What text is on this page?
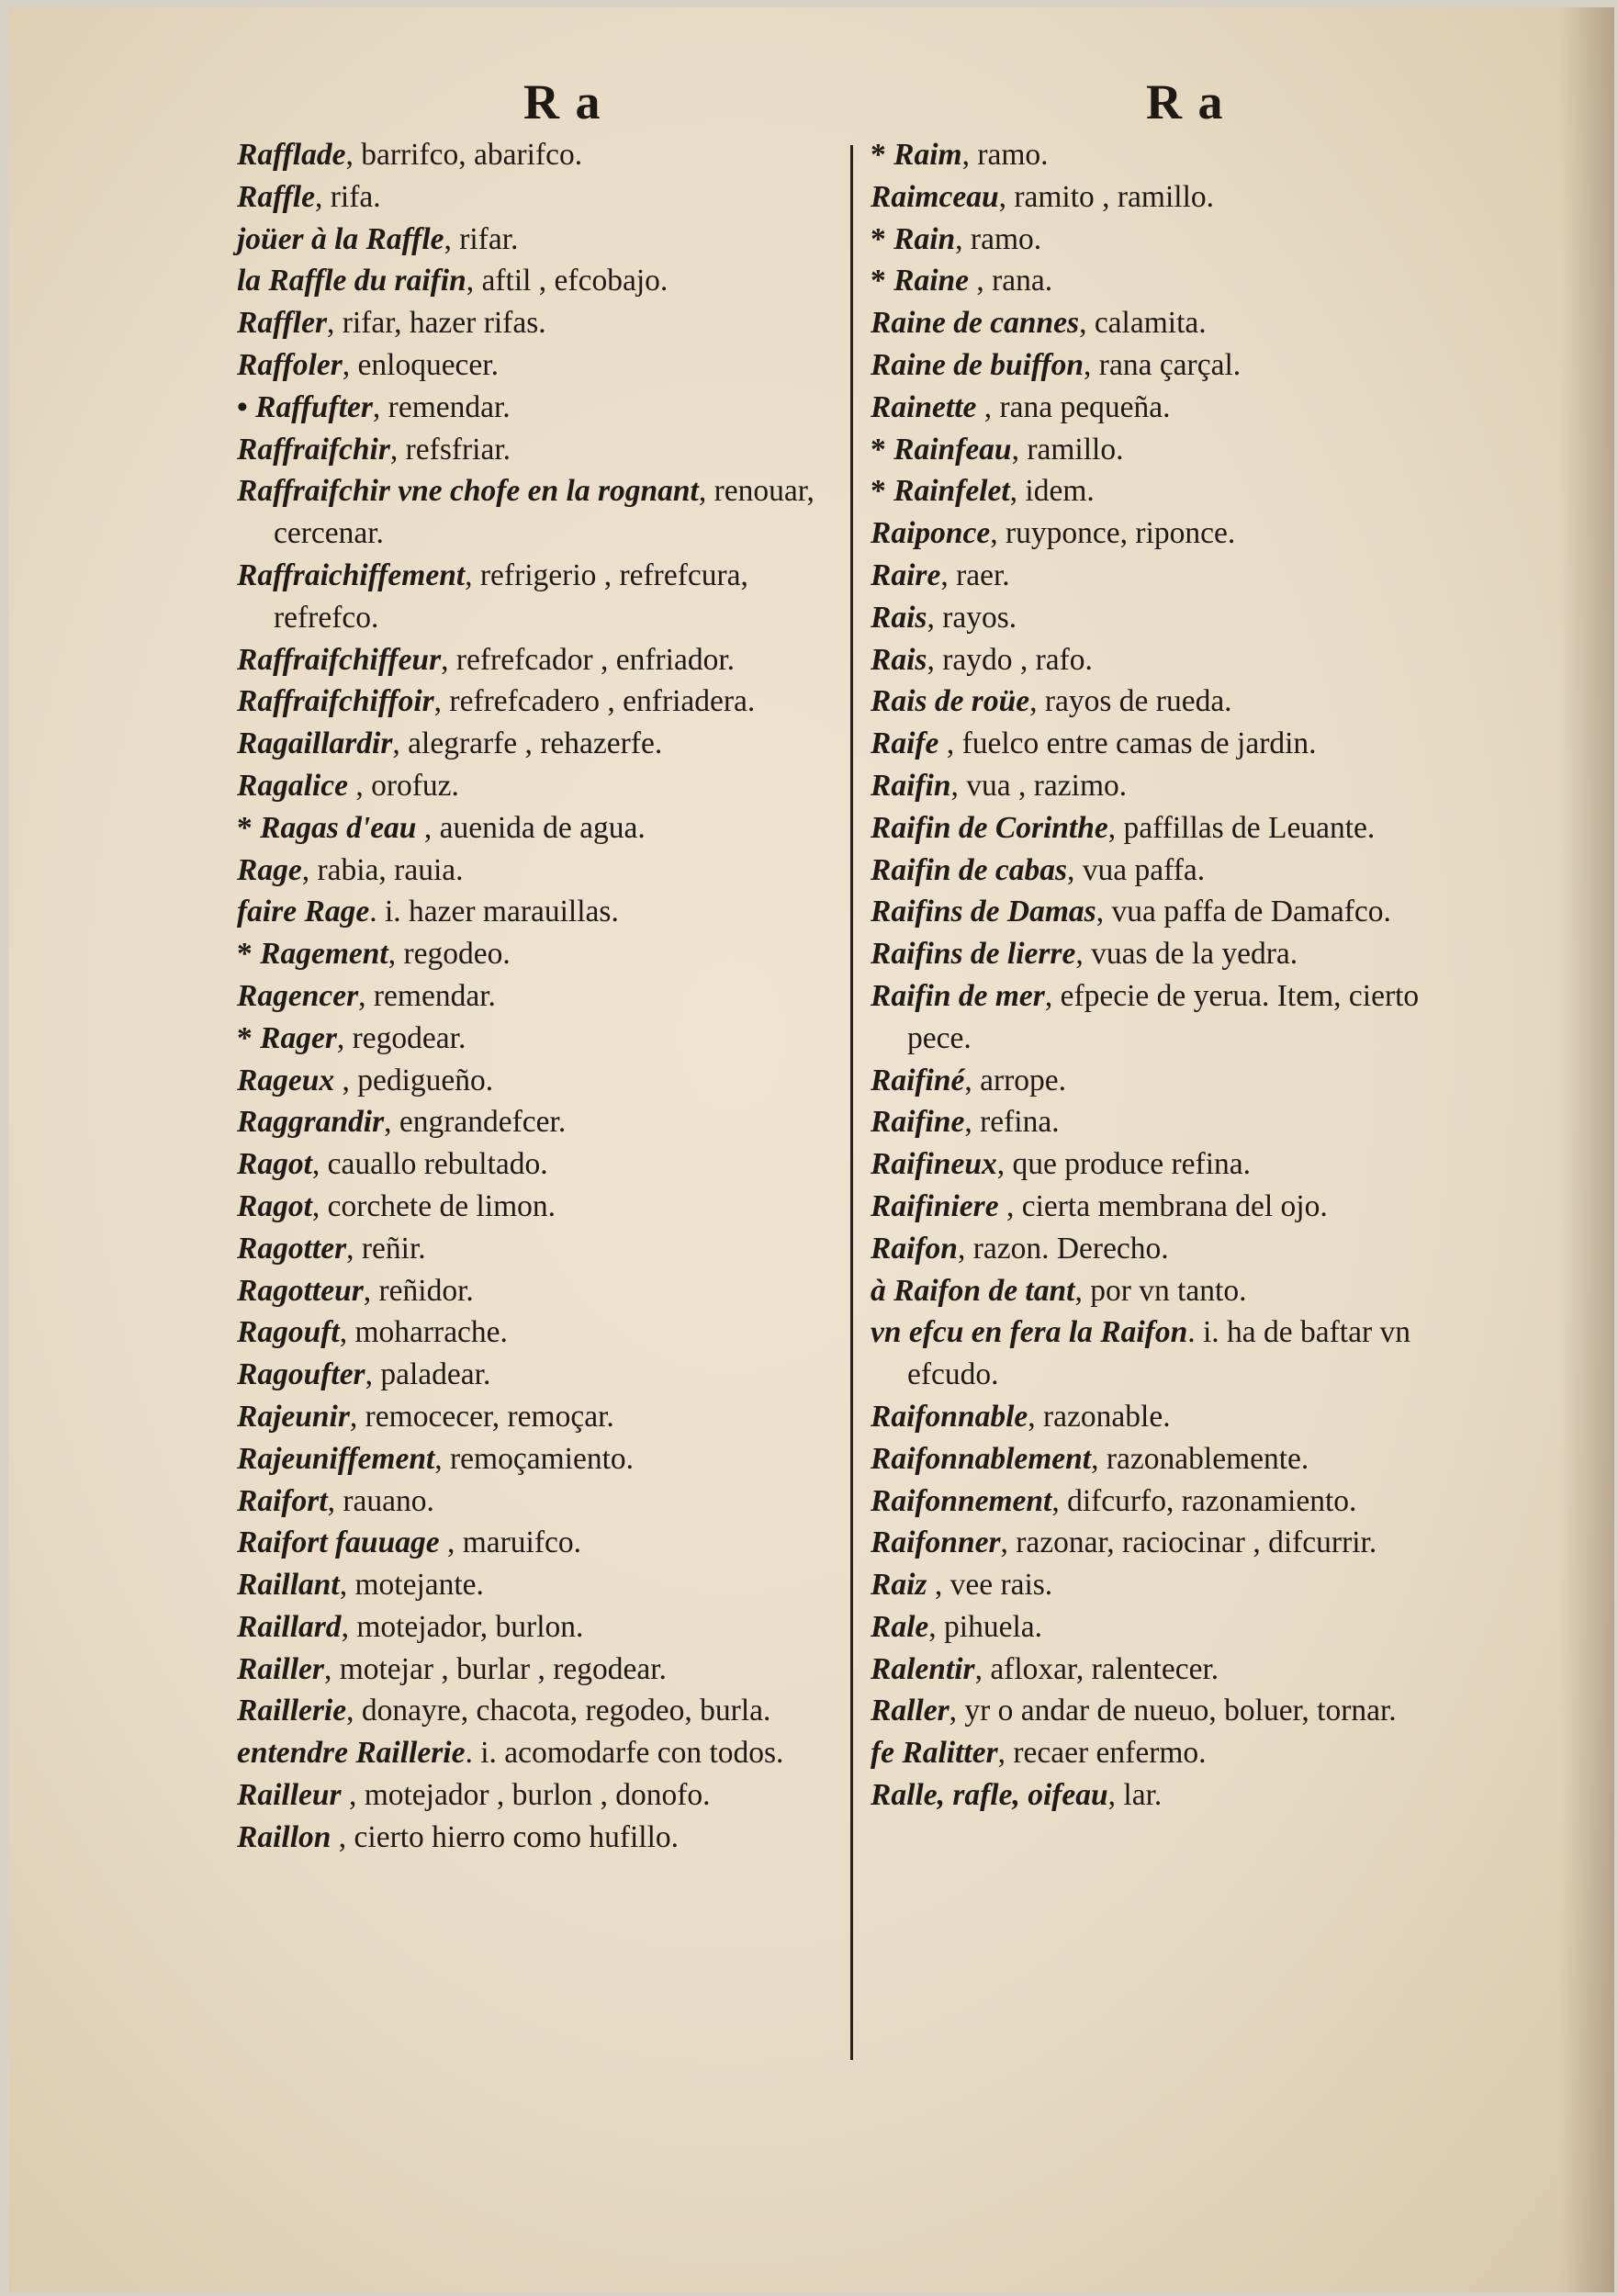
R a	R a
Rafflade, barrifco, abarifco.
Raffle, rifa.
joüer à la Raffle, rifar.
la Raffle du raifin, aftil , efcobajo.
Raffler, rifar, hazer rifas.
Raffoler, enloquecer.
• Raffufter, remendar.
Raffraifchir, refsfriar.
Raffraifchir vne chofe en la rognant, renouar, cercenar.
Raffraichiffement, refrigerio , refrefcura, refrefco.
Raffraifchiffeur, refrefcador , enfriador.
Raffraifchiffoir, refrefcadero , enfriadera.
Ragaillardir, alegrarfe , rehazerfe.
Ragalice , orofuz.
* Ragas d'eau , auenida de agua.
Rage, rabia, rauia.
faire Rage. i. hazer marauillas.
* Ragement, regodeo.
Ragencer, remendar.
* Rager, regodear.
Rageux , pedigueño.
Raggrandir, engrandefcer.
Ragot, cauallo rebultado.
Ragot, corchete de limon.
Ragotter, reñir.
Ragotteur, reñidor.
Ragouft, moharrache.
Ragoufter, paladear.
Rajeunir, remocecer, remoçar.
Rajeuniffement, remoçamiento.
Raifort, rauano.
Raifort fauuage , maruifco.
Raillant, motejante.
Raillard, motejador, burlon.
Railler, motejar , burlar , regodear.
Raillerie, donayre, chacota, regodeo, burla.
entendre Raillerie. i. acomodarfe con todos.
Railleur , motejador , burlon , donofo.
Raillon , cierto hierro como hufillo.
* Raim, ramo.
Raimceau, ramito , ramillo.
* Rain, ramo.
* Raine , rana.
Raine de cannes, calamita.
Raine de buiffon, rana çarçal.
Rainette , rana pequeña.
* Rainfeau, ramillo.
* Rainfelet, idem.
Raiponce, ruyponce, riponce.
Raire, raer.
Rais, rayos.
Rais, raydo , rafo.
Rais de roüe, rayos de rueda.
Raife , fuelco entre camas de jardin.
Raifin, vua , razimo.
Raifin de Corinthe, paffillas de Leuante.
Raifin de cabas, vua paffa.
Raifins de Damas, vua paffa de Damafco.
Raifins de lierre, vuas de la yedra.
Raifin de mer, efpecie de yerua. Item, cierto pece.
Raifiné, arrope.
Raifine, refina.
Raifineux, que produce refina.
Raifiniere , cierta membrana del ojo.
Raifon, razon. Derecho.
à Raifon de tant, por vn tanto.
vn efcu en fera la Raifon. i. ha de baftar vn efcudo.
Raifonnable, razonable.
Raifonnablement, razonablemente.
Raifonnement, difcurfo, razonamiento.
Raifonner, razonar, raciocinar , difcurrir.
Raiz , vee rais.
Rale, pihuela.
Ralentir, afloxar, ralentecer.
Raller, yr o andar de nueuo, boluer, tornar.
fe Ralitter, recaer enfermo.
Ralle, rafle, oifeau, lar.
